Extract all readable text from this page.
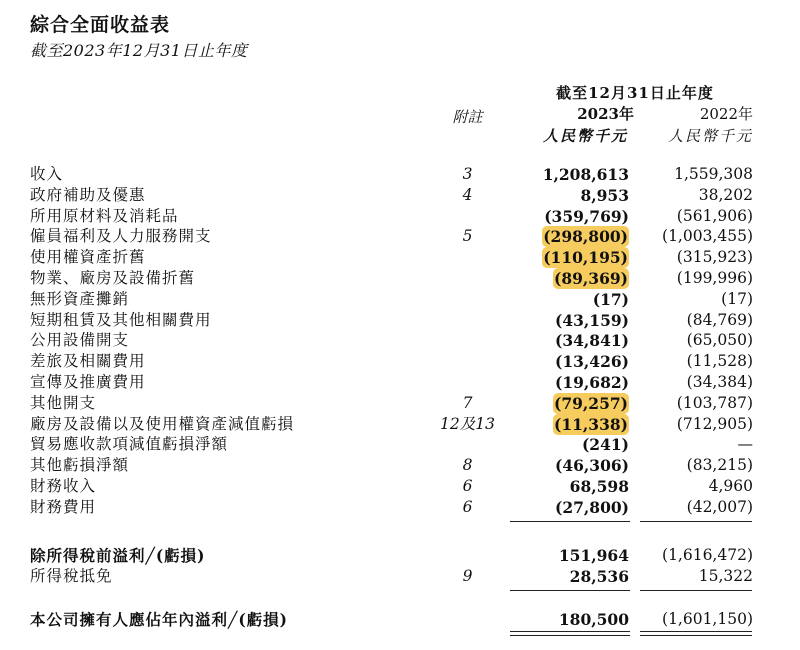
綜合全面收益表
截至2023年12月31日止年度
截至12月31日止年度
附註	2023年	2022年
人民幣千元	人民幣千元
收入	3	1,208,613	1,559,308
政府補助及優惠	4	8,953	38,202
所用原材料及消耗品	(359,769)	(561,906)
僱員福利及人力服務開支	5	(298,800) (1,003,455)
使用權資產折舊	(110,195)	(315,923)
物業、廠房及設備折舊	(89,369)	(199,996)
無形資產攤銷	(17)	(17)
短期租賃及其他相關費用	(43,159)	(84,769)
公用設備開支	(34,841)	(65,050)
差旅及相關費用	(13,426)	(11,528)
宣傳及推廣費用	(19,682)	(34,384)
其他開支	7	(79,257)	(103,787)
廠房及設備以及使用權資產減值虧損	12及13	(11,338)	(712,905)
貿易應收款項減值虧損淨額	(241)	—
其他虧損淨額	8	(46,306)	(83,215)
財務收入	6	68,598	4,960
財務費用	6	(27,800)	(42,007)
除所得稅前溢利╱(虧損)	151,964 (1,616,472)
所得稅抵免	9	28,536	15,322
本公司擁有人應佔年內溢利╱(虧損)	180,500 (1,601,150)
